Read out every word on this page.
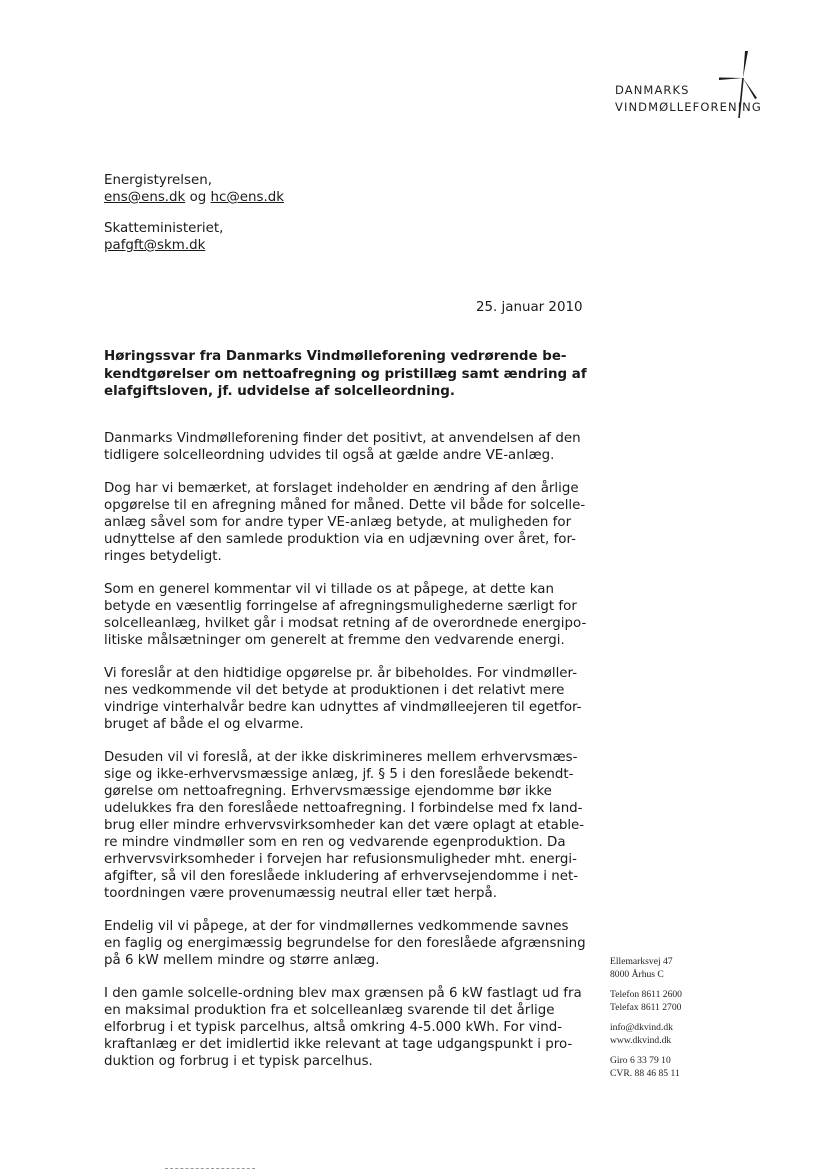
DANMARKS
VINDMØLLEFORENING
Energistyrelsen,
ens@ens.dk og hc@ens.dk
Skatteministeriet,
pafgft@skm.dk
25. januar 2010
Høringssvar fra Danmarks Vindmølleforening vedrørende be-
kendtgørelser om nettoafregning og pristillæg samt ændring af
elafgiftsloven, jf. udvidelse af solcelleordning.
Danmarks Vindmølleforening finder det positivt, at anvendelsen af den
tidligere solcelleordning udvides til også at gælde andre VE-anlæg.
Dog har vi bemærket, at forslaget indeholder en ændring af den årlige
opgørelse til en afregning måned for måned. Dette vil både for solcelle-
anlæg såvel som for andre typer VE-anlæg betyde, at muligheden for
udnyttelse af den samlede produktion via en udjævning over året, for-
ringes betydeligt.
Som en generel kommentar vil vi tillade os at påpege, at dette kan
betyde en væsentlig forringelse af afregningsmulighederne særligt for
solcelleanlæg, hvilket går i modsat retning af de overordnede energipo-
litiske målsætninger om generelt at fremme den vedvarende energi.
Vi foreslår at den hidtidige opgørelse pr. år bibeholdes. For vindmøller-
nes vedkommende vil det betyde at produktionen i det relativt mere
vindrige vinterhalvår bedre kan udnyttes af vindmølleejeren til egetfor-
bruget af både el og elvarme.
Desuden vil vi foreslå, at der ikke diskrimineres mellem erhvervsmæs-
sige og ikke-erhvervsmæssige anlæg, jf. § 5 i den foreslåede bekendt-
gørelse om nettoafregning. Erhvervsmæssige ejendomme bør ikke
udelukkes fra den foreslåede nettoafregning. I forbindelse med fx land-
brug eller mindre erhvervsvirksomheder kan det være oplagt at etable-
re mindre vindmøller som en ren og vedvarende egenproduktion. Da
erhvervsvirksomheder i forvejen har refusionsmuligheder mht. energi-
afgifter, så vil den foreslåede inkludering af erhvervsejendomme i net-
toordningen være provenumæssig neutral eller tæt herpå.
Endelig vil vi påpege, at der for vindmøllernes vedkommende savnes
en faglig og energimæssig begrundelse for den foreslåede afgrænsning
på 6 kW mellem mindre og større anlæg.
I den gamle solcelle-ordning blev max grænsen på 6 kW fastlagt ud fra
en maksimal produktion fra et solcelleanlæg svarende til det årlige
elforbrug i et typisk parcelhus, altså omkring 4-5.000 kWh. For vind-
kraftanlæg er det imidlertid ikke relevant at tage udgangspunkt i pro-
duktion og forbrug i et typisk parcelhus.
Ellemarksvej 47
8000 Århus C
Telefon 8611 2600
Telefax 8611 2700
info@dkvind.dk
www.dkvind.dk
Giro 6 33 79 10
CVR. 88 46 85 11
